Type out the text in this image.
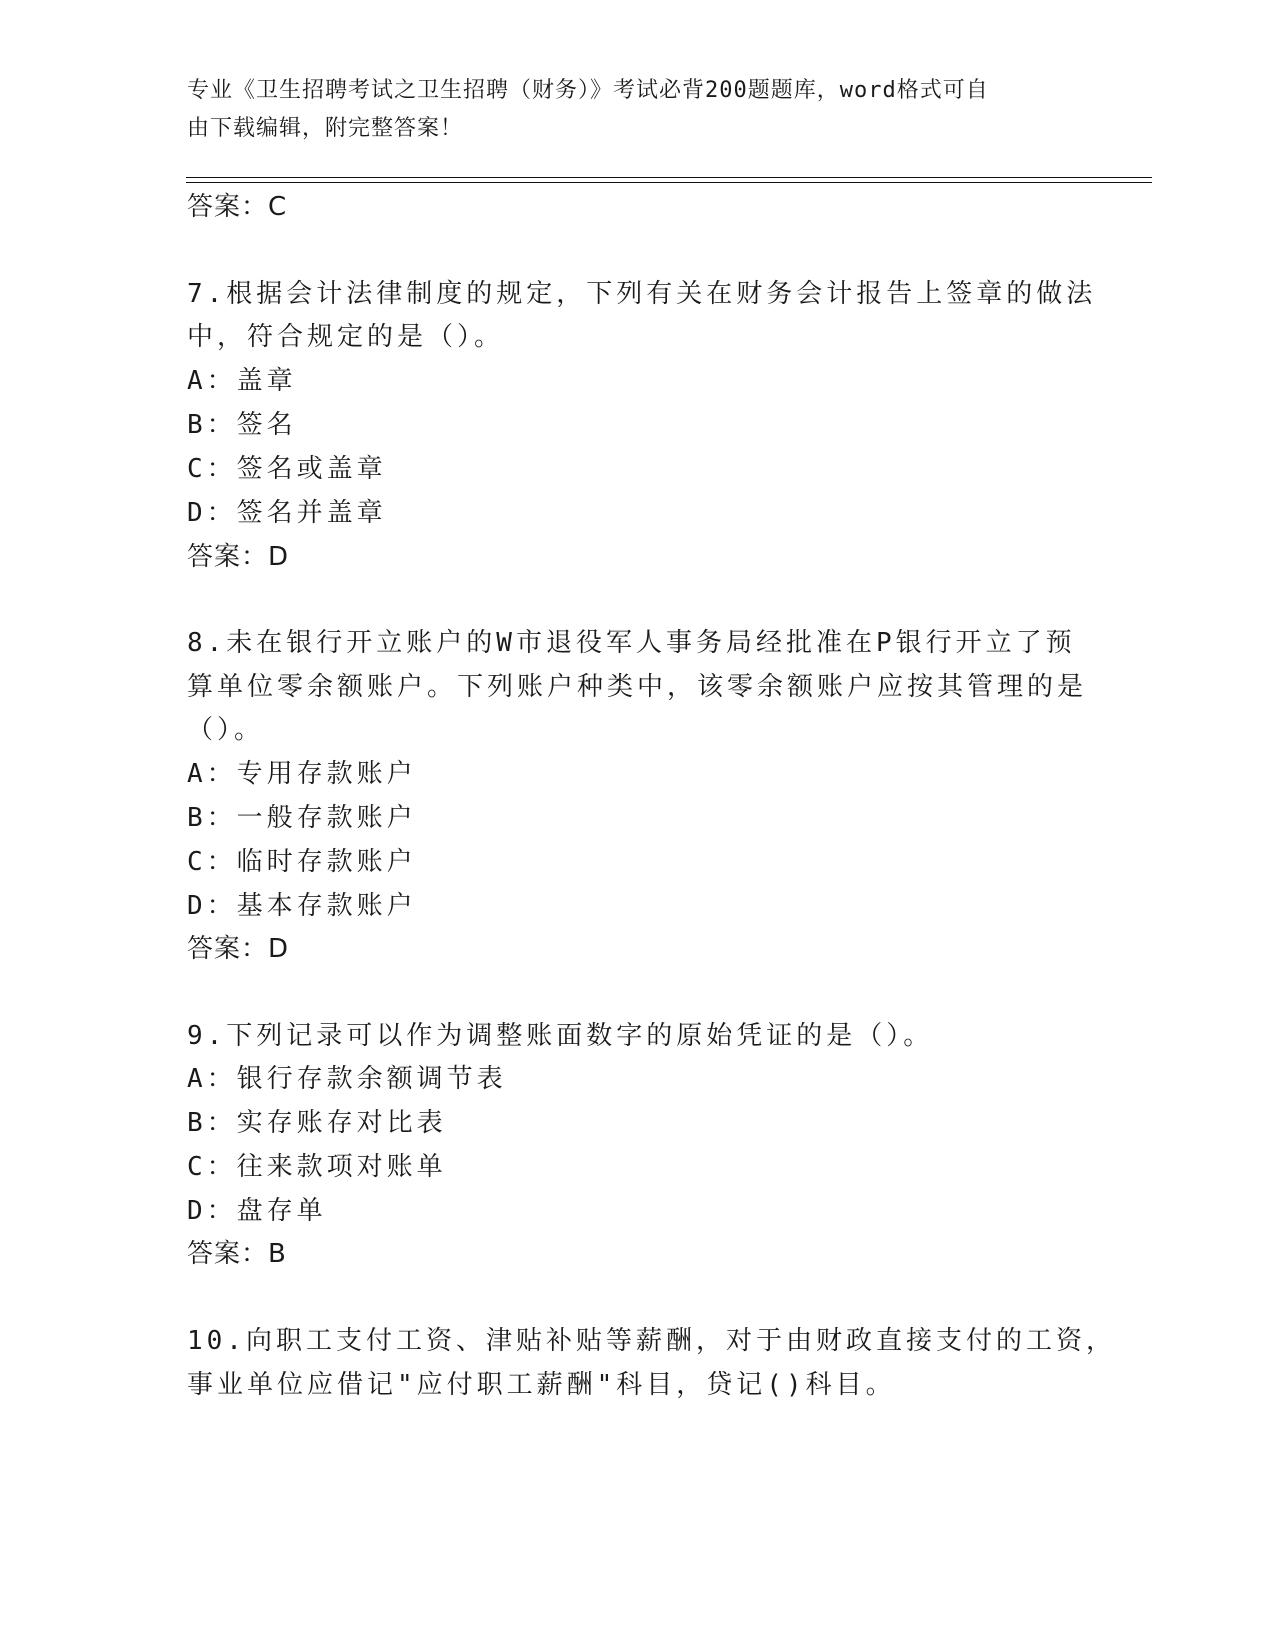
专业《卫生招聘考试之卫生招聘（财务）》考试必背200题题库，word格式可自
由下载编辑，附完整答案！
答案：C
7.根据会计法律制度的规定，下列有关在财务会计报告上签章的做法
中，符合规定的是（）。
A：盖章
B：签名
C：签名或盖章
D：签名并盖章
答案：D
8.未在银行开立账户的W市退役军人事务局经批准在P银行开立了预
算单位零余额账户。下列账户种类中，该零余额账户应按其管理的是
（）。
A：专用存款账户
B：一般存款账户
C：临时存款账户
D：基本存款账户
答案：D
9.下列记录可以作为调整账面数字的原始凭证的是（）。
A：银行存款余额调节表
B：实存账存对比表
C：往来款项对账单
D：盘存单
答案：B
10.向职工支付工资、津贴补贴等薪酬，对于由财政直接支付的工资，
事业单位应借记"应付职工薪酬"科目，贷记()科目。
